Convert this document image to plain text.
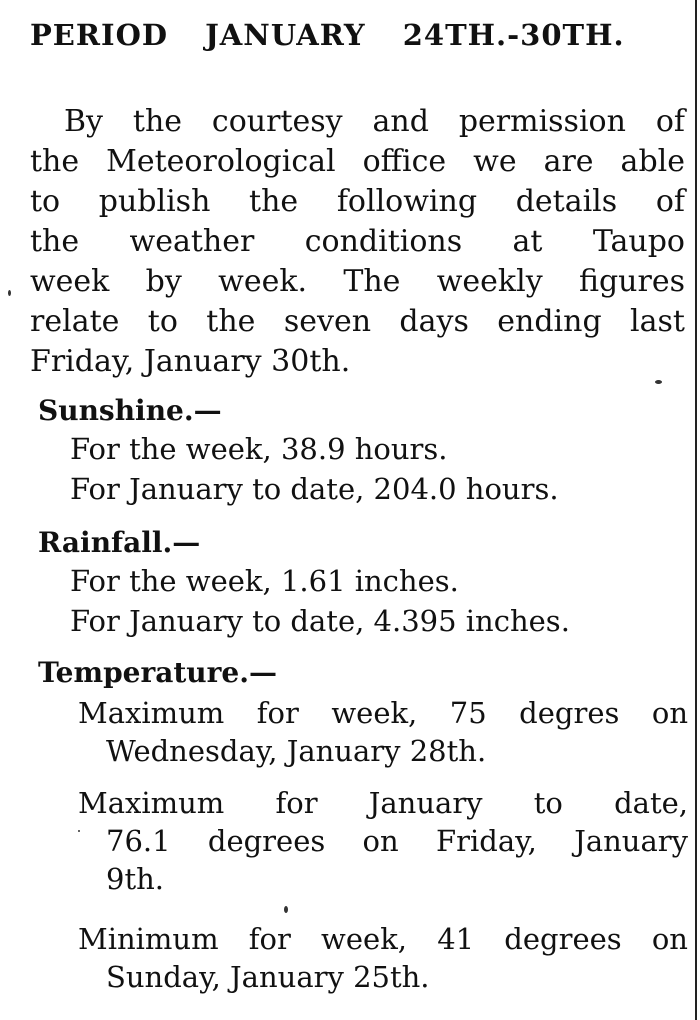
PERIOD JANUARY 24TH.-30TH.

By the courtesy and permission of
the Meteorological office we are able
to publish the following details of
the weather conditions at Taupo
week by week. The weekly figures
relate to the seven days ending last
Friday, January 30th.

Sunshine.—
For the week, 38.9 hours.
For January to date, 204.0 hours.
Rainfall.—
For the week, 1.61 inches.
For January to date, 4.395 inches.
Temperature.—
Maximum for week, 75 degres on
Wednesday, January 28th.
Maximum for January to date,
76.1 degrees on Friday, January
9th.
Minimum for week, 41 degrees on
Sunday, January 25th.
